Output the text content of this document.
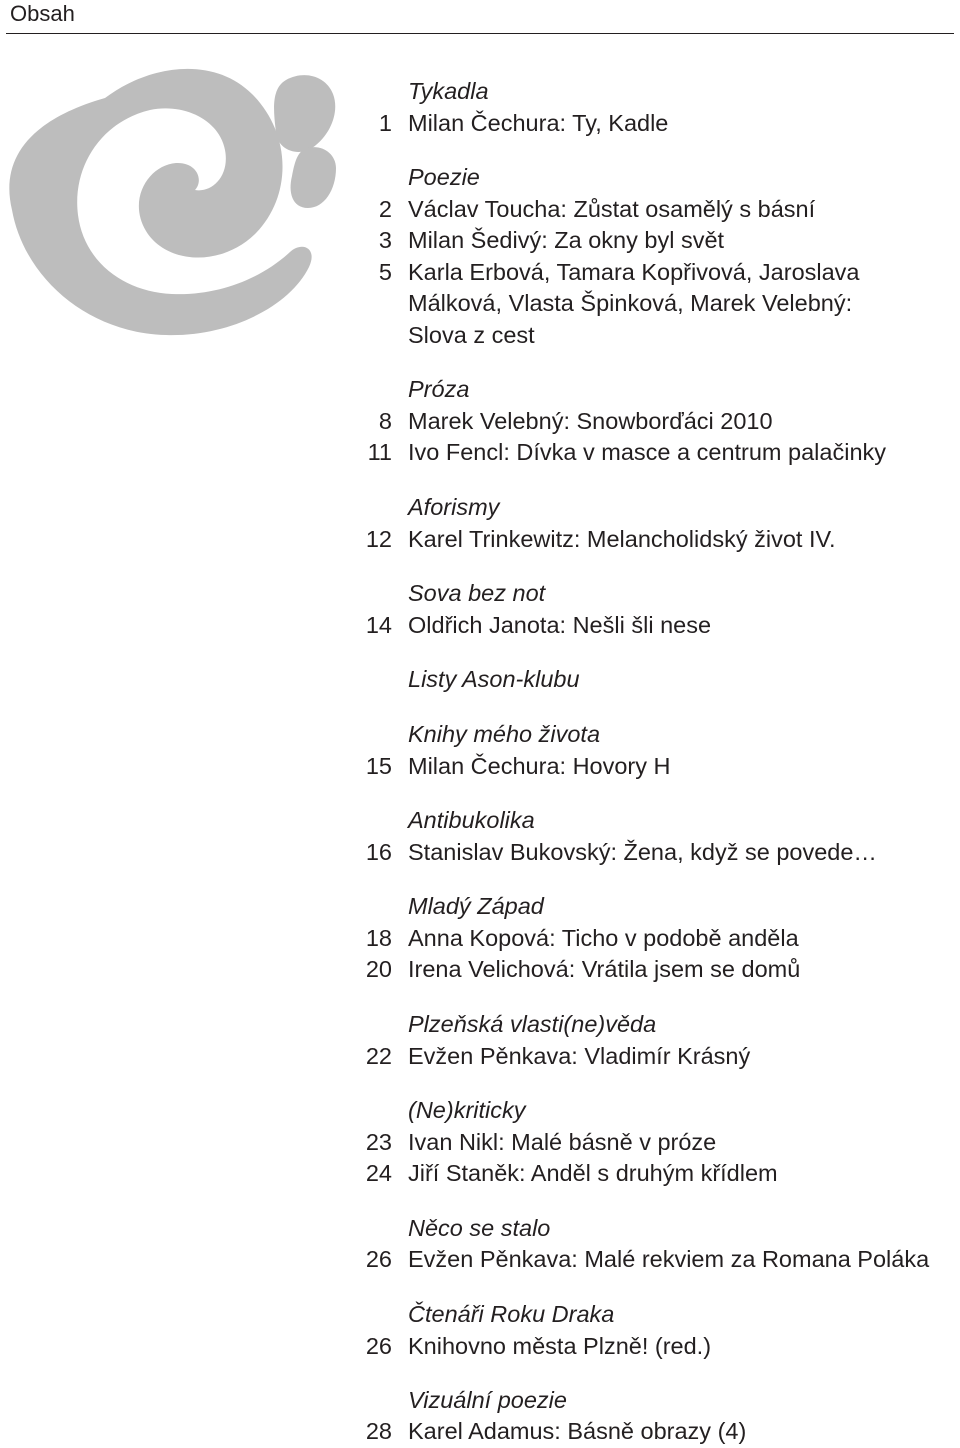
Obsah
Tykadla
1 Milan Čechura: Ty, Kadle
Poezie
2 Václav Toucha: Zůstat osamělý s básní
3 Milan Šedivý: Za okny byl svět
5 Karla Erbová, Tamara Kopřivová, Jaroslava
Málková, Vlasta Špinková, Marek Velebný:
Slova z cest
Próza
8 Marek Velebný: Snowborďáci 2010
11 Ivo Fencl: Dívka v masce a centrum palačinky
Aforismy
12 Karel Trinkewitz: Melancholidský život IV.
Sova bez not
14 Oldřich Janota: Nešli šli nese
Listy Ason-klubu
Knihy mého života
15 Milan Čechura: Hovory H
Antibukolika
16 Stanislav Bukovský: Žena, když se povede…
Mladý Západ
18 Anna Kopová: Ticho v podobě anděla
20 Irena Velichová: Vrátila jsem se domů
Plzeňská vlasti(ne)věda
22 Evžen Pěnkava: Vladimír Krásný
(Ne)kriticky
23 Ivan Nikl: Malé básně v próze
24 Jiří Staněk: Anděl s druhým křídlem
Něco se stalo
26 Evžen Pěnkava: Malé rekviem za Romana Poláka
Čtenáři Roku Draka
26 Knihovno města Plzně! (red.)
Vizuální poezie
28 Karel Adamus: Básně obrazy (4)
